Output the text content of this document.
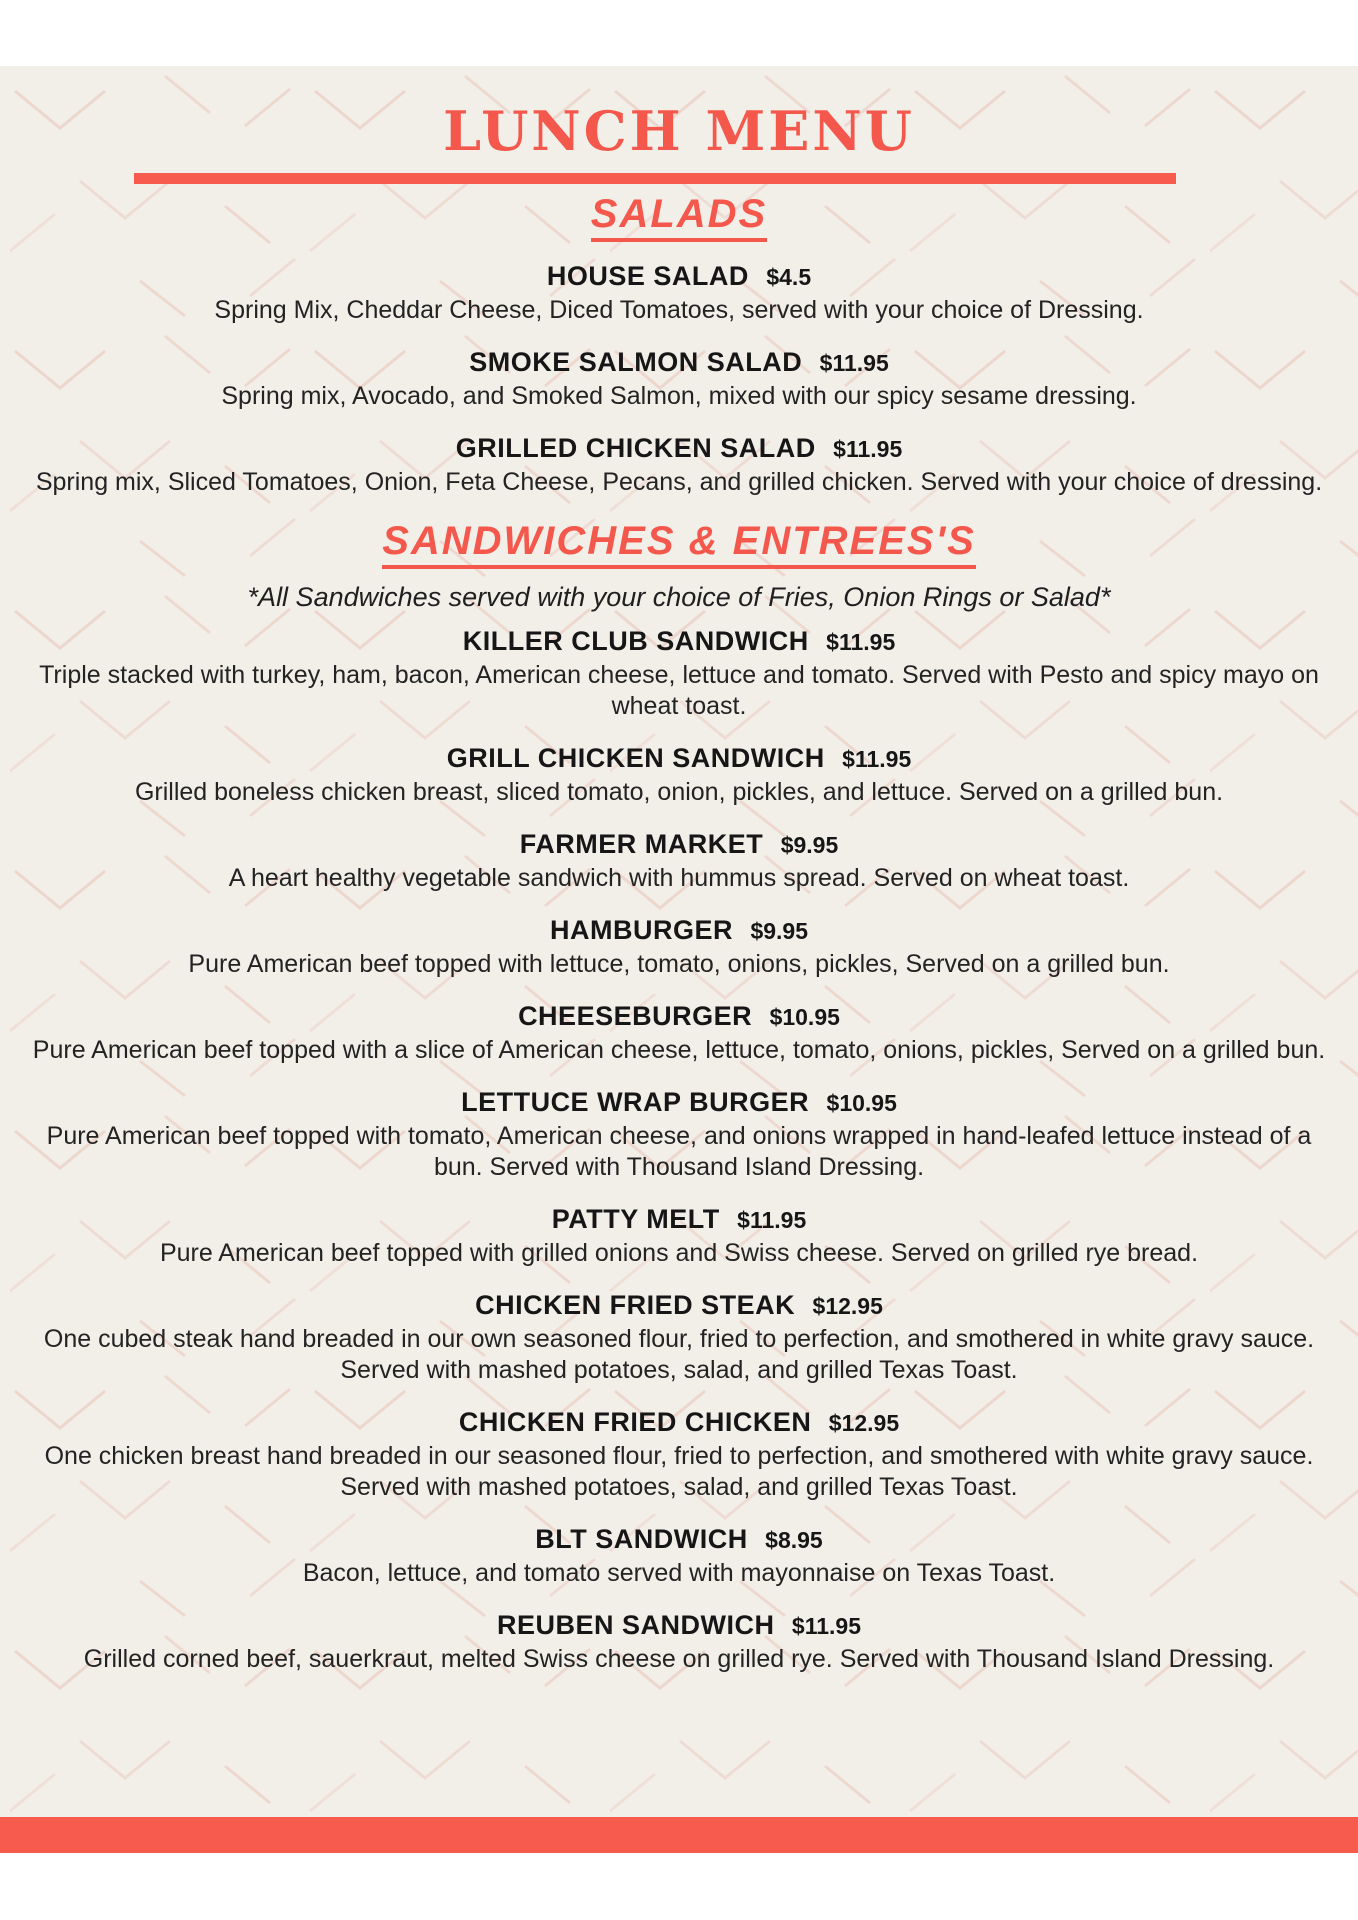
LUNCH MENU
SALADS
HOUSE SALAD $4.5

Spring Mix, Cheddar Cheese, Diced Tomatoes, served with your choice of Dressing.

SMOKE SALMON SALAD $11.95

Spring mix, Avocado, and Smoked Salmon, mixed with our spicy sesame dressing.

GRILLED CHICKEN SALAD $11.95

Spring mix, Sliced Tomatoes, Onion, Feta Cheese, Pecans, and grilled chicken. Served with your choice of dressing.

SANDWICHES & ENTREES'S

*All Sandwiches served with your choice of Fries, Onion Rings or Salad*

KILLER CLUB SANDWICH $11.95

Triple stacked with turkey, ham, bacon, American cheese, lettuce and tomato. Served with Pesto and spicy mayo on wheat toast.

GRILL CHICKEN SANDWICH $11.95

Grilled boneless chicken breast, sliced tomato, onion, pickles, and lettuce. Served on a grilled bun.

FARMER MARKET $9.95

A heart healthy vegetable sandwich with hummus spread. Served on wheat toast.

HAMBURGER $9.95

Pure American beef topped with lettuce, tomato, onions, pickles, Served on a grilled bun.

CHEESEBURGER $10.95

Pure American beef topped with a slice of American cheese, lettuce, tomato, onions, pickles, Served on a grilled bun.

LETTUCE WRAP BURGER $10.95

Pure American beef topped with tomato, American cheese, and onions wrapped in hand-leafed lettuce instead of a bun. Served with Thousand Island Dressing.

PATTY MELT $11.95

Pure American beef topped with grilled onions and Swiss cheese. Served on grilled rye bread.

CHICKEN FRIED STEAK $12.95

One cubed steak hand breaded in our own seasoned flour, fried to perfection, and smothered in white gravy sauce. Served with mashed potatoes, salad, and grilled Texas Toast.

CHICKEN FRIED CHICKEN $12.95

One chicken breast hand breaded in our seasoned flour, fried to perfection, and smothered with white gravy sauce. Served with mashed potatoes, salad, and grilled Texas Toast.

BLT SANDWICH $8.95

Bacon, lettuce, and tomato served with mayonnaise on Texas Toast.

REUBEN SANDWICH $11.95

Grilled corned beef, sauerkraut, melted Swiss cheese on grilled rye. Served with Thousand Island Dressing.
